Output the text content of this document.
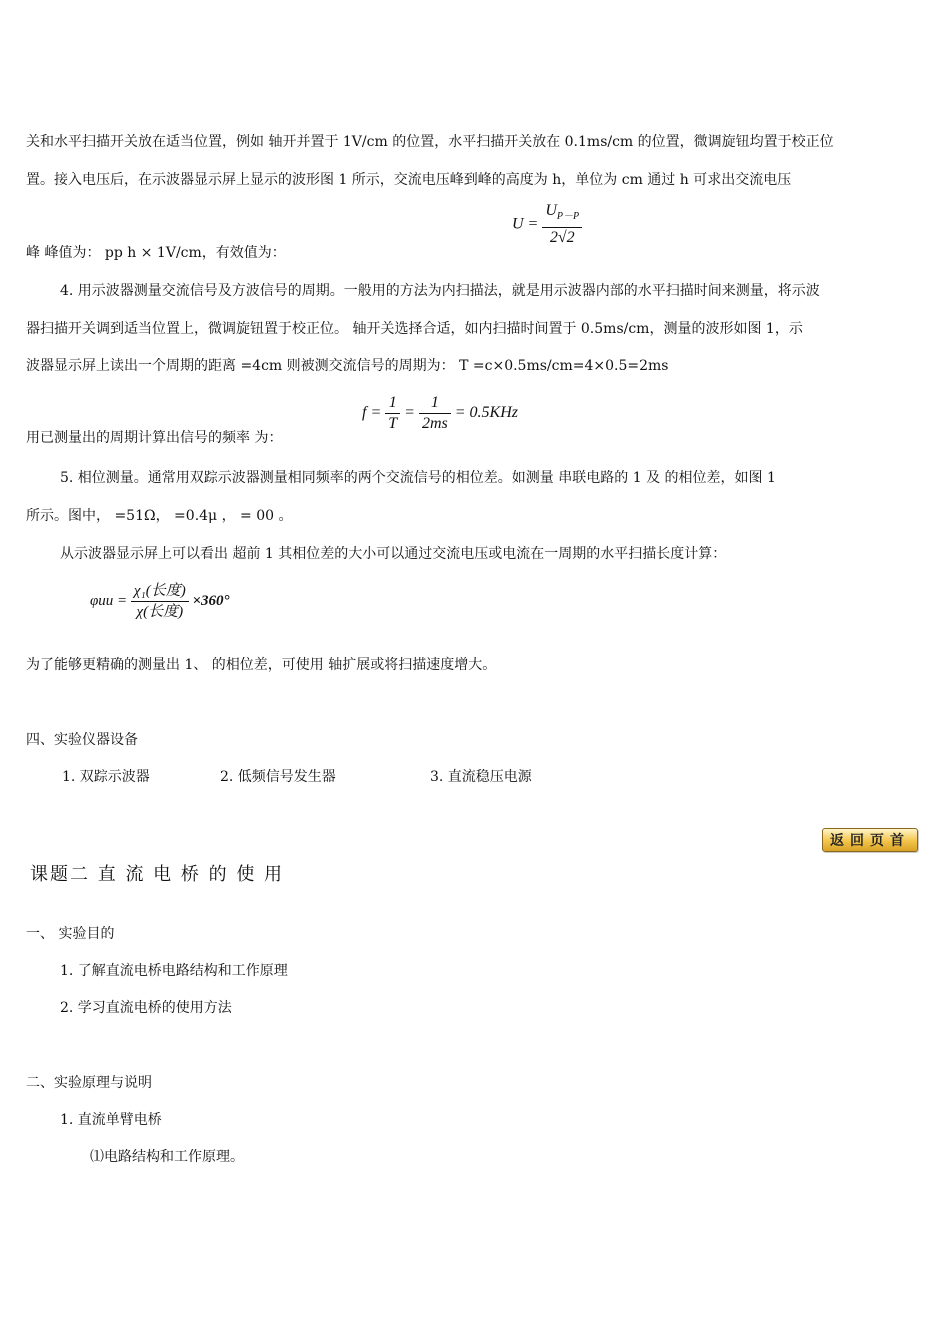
关和水平扫描开关放在适当位置，例如 轴开并置于 1V/cm 的位置，水平扫描开关放在 0.1ms/cm 的位置，微调旋钮均置于校正位
置。接入电压后，在示波器显示屏上显示的波形图 1 所示，交流电压峰到峰的高度为 h，单位为 cm 通过 h 可求出交流电压
峰 峰值为： pp h × 1V/cm，有效值为：
$U = \frac{U_{P-P}}{2√2}$
4. 用示波器测量交流信号及方波信号的周期。一般用的方法为内扫描法，就是用示波器内部的水平扫描时间来测量，将示波
器扫描开关调到适当位置上，微调旋钮置于校正位。 轴开关选择合适，如内扫描时间置于 0.5ms/cm，测量的波形如图 1，示
波器显示屏上读出一个周期的距离 =4cm 则被测交流信号的周期为： T =c×0.5ms/cm=4×0.5=2ms
用已测量出的周期计算出信号的频率 为：
$f = \frac{1}{T} = \frac{1}{2ms} = 0.5KHz$
5. 相位测量。通常用双踪示波器测量相同频率的两个交流信号的相位差。如测量 串联电路的 1 及 的相位差，如图 1
所示。图中， =51Ω， =0.4μ ， = 00 。
从示波器显示屏上可以看出 超前 1 其相位差的大小可以通过交流电压或电流在一周期的水平扫描长度计算：
为了能够更精确的测量出 1、 的相位差，可使用 轴扩展或将扫描速度增大。
$\varphi uu = \frac{\text{χ₁(长度)}}{\text{χ(长度)}} \times 360^\circ$
四、实验仪器设备
1. 双踪示波器	2. 低频信号发生器	3. 直流稳压电源
返回页首
课题二 直 流 电 桥 的 使 用
一、 实验目的
1. 了解直流电桥电路结构和工作原理
2. 学习直流电桥的使用方法
二、实验原理与说明
1. 直流单臂电桥
⑴电路结构和工作原理。
